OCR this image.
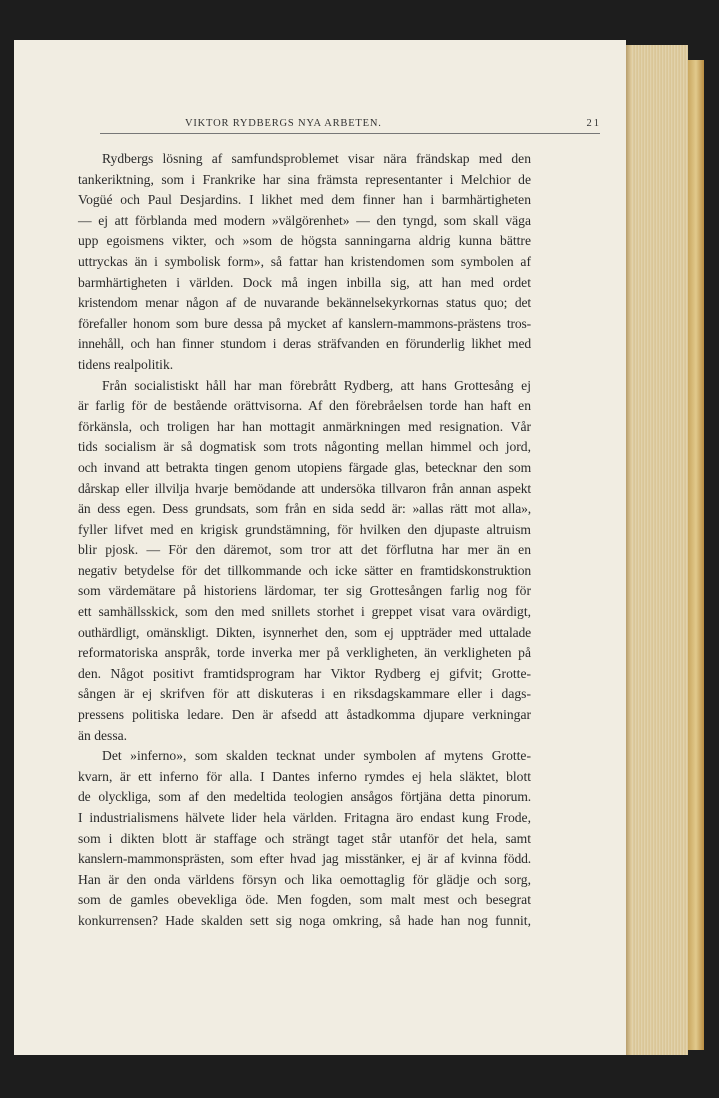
VIKTOR RYDBERGS NYA ARBETEN.	21
Rydbergs lösning af samfundsproblemet visar nära frändskap med den
tankeriktning, som i Frankrike har sina främsta representanter i Melchior de
Vogüé och Paul Desjardins. I likhet med dem finner han i barmhärtigheten
— ej att förblanda med modern »välgörenhet» — den tyngd, som skall väga
upp egoismens vikter, och »som de högsta sanningarna aldrig kunna bättre
uttryckas än i symbolisk form», så fattar han kristendomen som symbolen af
barmhärtigheten i världen. Dock må ingen inbilla sig, att han med ordet
kristendom menar någon af de nuvarande bekännelsekyrkornas status quo; det
förefaller honom som bure dessa på mycket af kanslern-mammons-prästens tros-
innehåll, och han finner stundom i deras sträfvanden en förunderlig likhet med
tidens realpolitik.
Från socialistiskt håll har man förebrått Rydberg, att hans Grottesång ej
är farlig för de bestående orättvisorna. Af den förebråelsen torde han haft en
förkänsla, och troligen har han mottagit anmärkningen med resignation. Vår
tids socialism är så dogmatisk som trots någonting mellan himmel och jord,
och invand att betrakta tingen genom utopiens färgade glas, betecknar den som
dårskap eller illvilja hvarje bemödande att undersöka tillvaron från annan aspekt
än dess egen. Dess grundsats, som från en sida sedd är: »allas rätt mot alla»,
fyller lifvet med en krigisk grundstämning, för hvilken den djupaste altruism
blir pjosk. — För den däremot, som tror att det förflutna har mer än en
negativ betydelse för det tillkommande och icke sätter en framtidskonstruktion
som värdemätare på historiens lärdomar, ter sig Grottesången farlig nog för
ett samhällsskick, som den med snillets storhet i greppet visat vara ovärdigt,
outhärdligt, omänskligt. Dikten, isynnerhet den, som ej uppträder med uttalade
reformatoriska anspråk, torde inverka mer på verkligheten, än verkligheten på
den. Något positivt framtidsprogram har Viktor Rydberg ej gifvit; Grotte-
sången är ej skrifven för att diskuteras i en riksdagskammare eller i dags-
pressens politiska ledare. Den är afsedd att åstadkomma djupare verkningar
än dessa.
Det »inferno», som skalden tecknat under symbolen af mytens Grotte-
kvarn, är ett inferno för alla. I Dantes inferno rymdes ej hela släktet, blott
de olyckliga, som af den medeltida teologien ansågos förtjäna detta pinorum.
I industrialismens hälvete lider hela världen. Fritagna äro endast kung Frode,
som i dikten blott är staffage och strängt taget står utanför det hela, samt
kanslern-mammonsprästen, som efter hvad jag misstänker, ej är af kvinna född.
Han är den onda världens försyn och lika oemottaglig för glädje och sorg,
som de gamles obevekliga öde. Men fogden, som malt mest och besegrat
konkurrensen? Hade skalden sett sig noga omkring, så hade han nog funnit,
